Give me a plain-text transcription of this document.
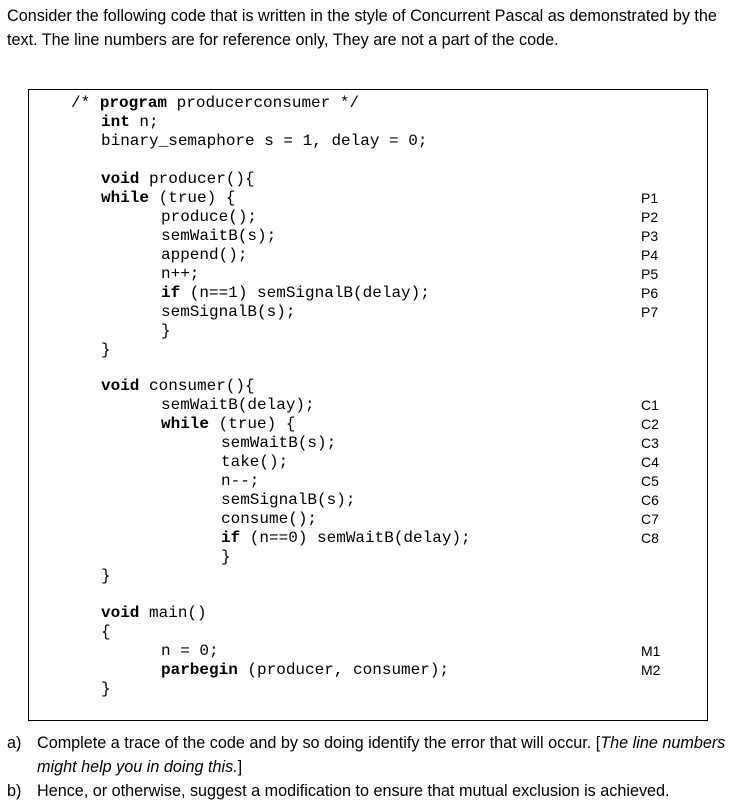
Consider the following code that is written in the style of Concurrent Pascal as demonstrated by the text. The line numbers are for reference only, They are not a part of the code.

/* program producerconsumer */
int n;
binary_semaphore s = 1, delay = 0;
void producer(){
while (true) {
produce();
semWaitB(s);
append();
n++;
if (n==1) semSignalB(delay);
semSignalB(s);
}
}
void consumer(){
semWaitB(delay);
while (true) {
semWaitB(s);
take();
n--;
semSignalB(s);
consume();
if (n==0) semWaitB(delay);
}
}
void main()
{
n = 0;
parbegin (producer, consumer);
}
P1
P2
P3
P4
P5
P6
P7
C1
C2
C3
C4
C5
C6
C7
C8
M1
M2
a) Complete a trace of the code and by so doing identify the error that will occur. [The line numbers might help you in doing this.]
b) Hence, or otherwise, suggest a modification to ensure that mutual exclusion is achieved.
